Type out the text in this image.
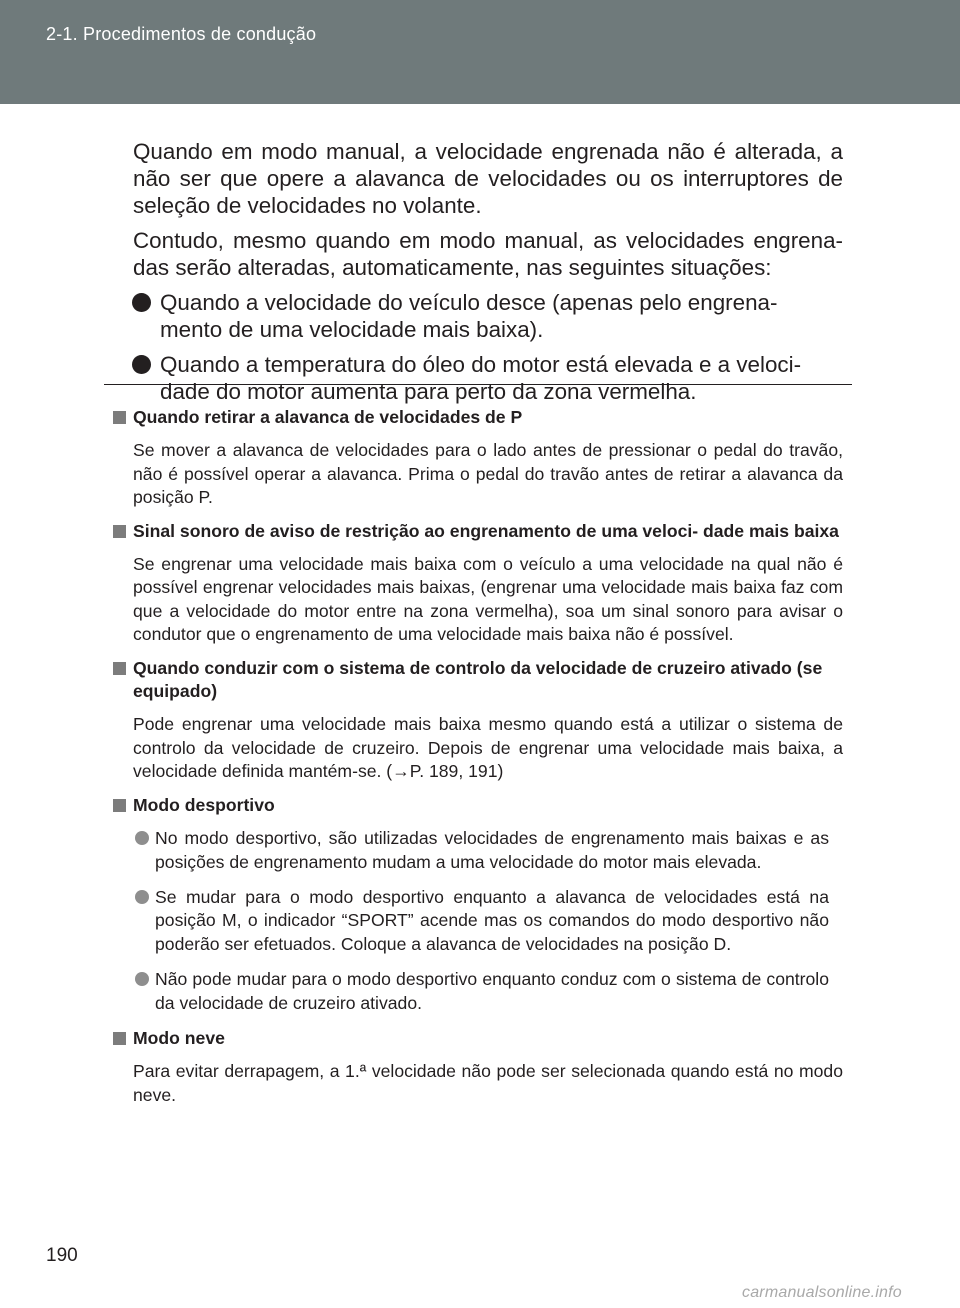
2-1. Procedimentos de condução

Quando em modo manual, a velocidade engrenada não é alterada, a não ser que opere a alavanca de velocidades ou os interruptores de seleção de velocidades no volante.

Contudo, mesmo quando em modo manual, as velocidades engrena- das serão alteradas, automaticamente, nas seguintes situações:

Quando a velocidade do veículo desce (apenas pelo engrena- mento de uma velocidade mais baixa).
Quando a temperatura do óleo do motor está elevada e a veloci- dade do motor aumenta para perto da zona vermelha.
Quando retirar a alavanca de velocidades de P
Se mover a alavanca de velocidades para o lado antes de pressionar o pedal do travão, não é possível operar a alavanca. Prima o pedal do travão antes de retirar a alavanca da posição P.
Sinal sonoro de aviso de restrição ao engrenamento de uma veloci- dade mais baixa
Se engrenar uma velocidade mais baixa com o veículo a uma velocidade na qual não é possível engrenar velocidades mais baixas, (engrenar uma velocidade mais baixa faz com que a velocidade do motor entre na zona vermelha), soa um sinal sonoro para avisar o condutor que o engrenamento de uma velocidade mais baixa não é possível.
Quando conduzir com o sistema de controlo da velocidade de cruzeiro ativado (se equipado)
Pode engrenar uma velocidade mais baixa mesmo quando está a utilizar o sistema de controlo da velocidade de cruzeiro. Depois de engrenar uma velocidade mais baixa, a velocidade definida mantém-se. (→P. 189, 191)
Modo desportivo
No modo desportivo, são utilizadas velocidades de engrenamento mais baixas e as posições de engrenamento mudam a uma velocidade do motor mais elevada.
Se mudar para o modo desportivo enquanto a alavanca de velocidades está na posição M, o indicador “SPORT” acende mas os comandos do modo desportivo não poderão ser efetuados. Coloque a alavanca de velocidades na posição D.
Não pode mudar para o modo desportivo enquanto conduz com o sistema de controlo da velocidade de cruzeiro ativado.
Modo neve
Para evitar derrapagem, a 1.ª velocidade não pode ser selecionada quando está no modo neve.
190
carmanualsonline.info
